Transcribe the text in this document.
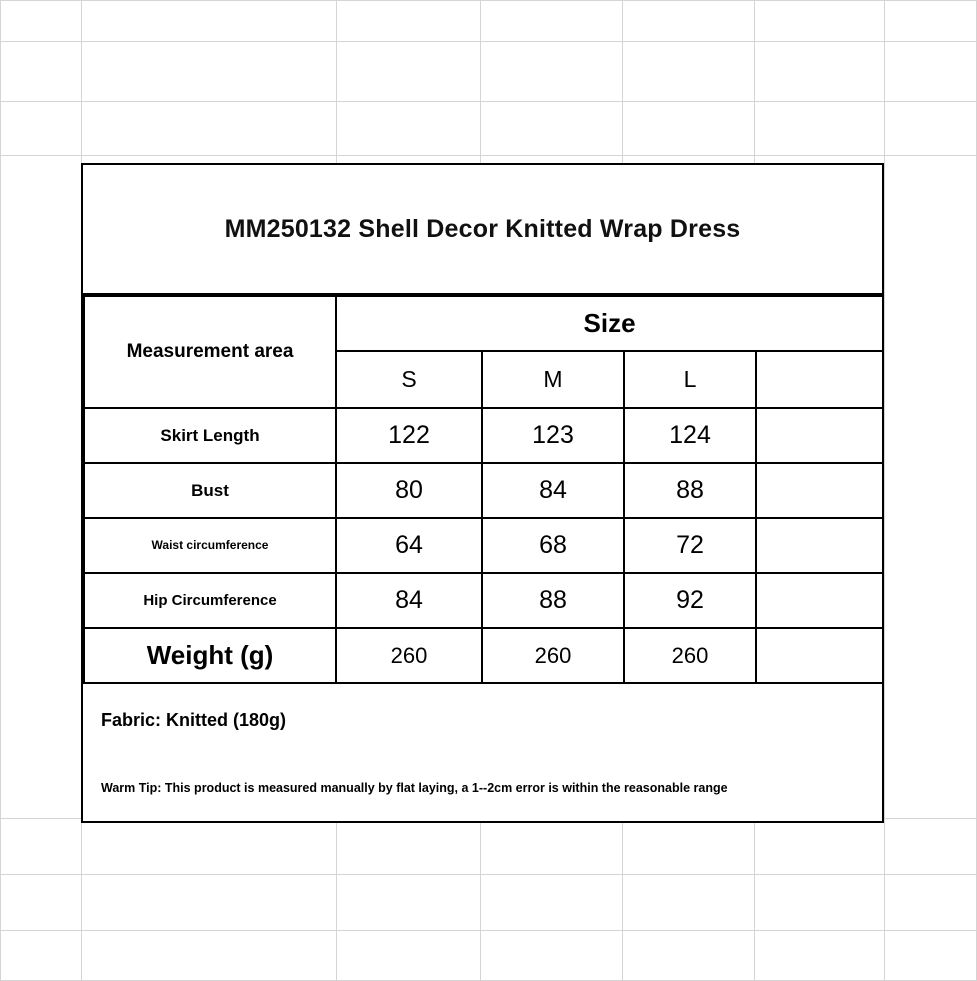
MM250132 Shell Decor Knitted Wrap Dress
Measurement area	Size			
	S	M	L	
Skirt Length	122	123	124	
Bust	80	84	88	
Waist circumference	64	68	72	
Hip Circumference	84	88	92	
Weight (g)	260	260	260	
Fabric: Knitted (180g)
Warm Tip: This product is measured manually by flat laying, a 1--2cm error is within the reasonable range
